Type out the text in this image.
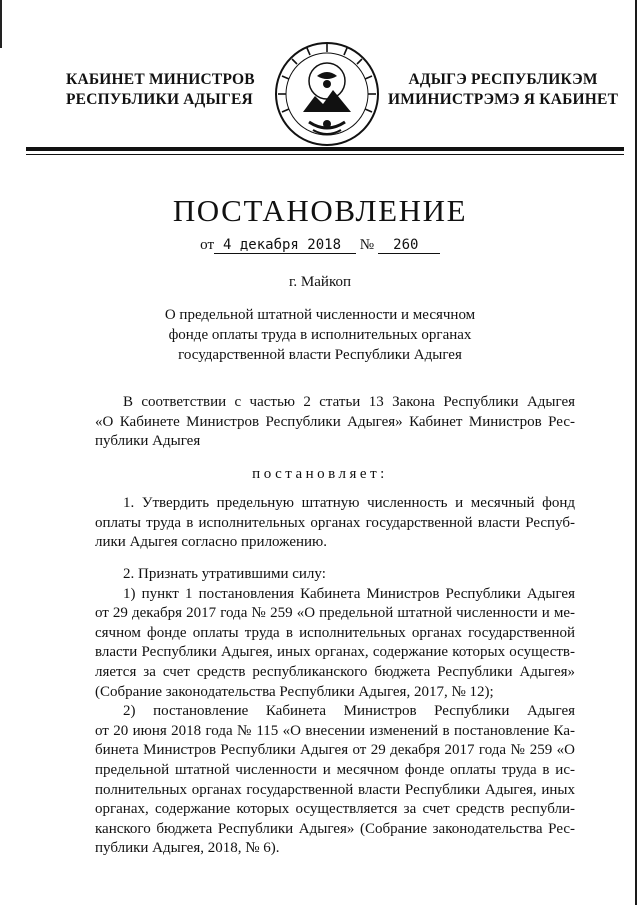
КАБИНЕТ МИНИСТРОВ
РЕСПУБЛИКИ АДЫГЕЯ
АДЫГЭ РЕСПУБЛИКЭМ
ИМИНИСТРЭМЭ Я КАБИНЕТ
ПОСТАНОВЛЕНИЕ
от 4 декабря 2018 № 260
г. Майкоп
О предельной штатной численности и месячном
фонде оплаты труда в исполнительных органах
государственной власти Республики Адыгея
В соответствии с частью 2 статьи 13 Закона Республики Адыгея
«О Кабинете Министров Республики Адыгея» Кабинет Министров Рес-
публики Адыгея
постановляет:
1. Утвердить предельную штатную численность и месячный фонд
оплаты труда в исполнительных органах государственной власти Респуб-
лики Адыгея согласно приложению.
2. Признать утратившими силу:
1) пункт 1 постановления Кабинета Министров Республики Адыгея
от 29 декабря 2017 года № 259 «О предельной штатной численности и ме-
сячном фонде оплаты труда в исполнительных органах государственной
власти Республики Адыгея, иных органах, содержание которых осуществ-
ляется за счет средств республиканского бюджета Республики Адыгея»
(Собрание законодательства Республики Адыгея, 2017, № 12);
2) постановление Кабинета Министров Республики Адыгея
от 20 июня 2018 года № 115 «О внесении изменений в постановление Ка-
бинета Министров Республики Адыгея от 29 декабря 2017 года № 259 «О
предельной штатной численности и месячном фонде оплаты труда в ис-
полнительных органах государственной власти Республики Адыгея, иных
органах, содержание которых осуществляется за счет средств республи-
канского бюджета Республики Адыгея» (Собрание законодательства Рес-
публики Адыгея, 2018, № 6).
